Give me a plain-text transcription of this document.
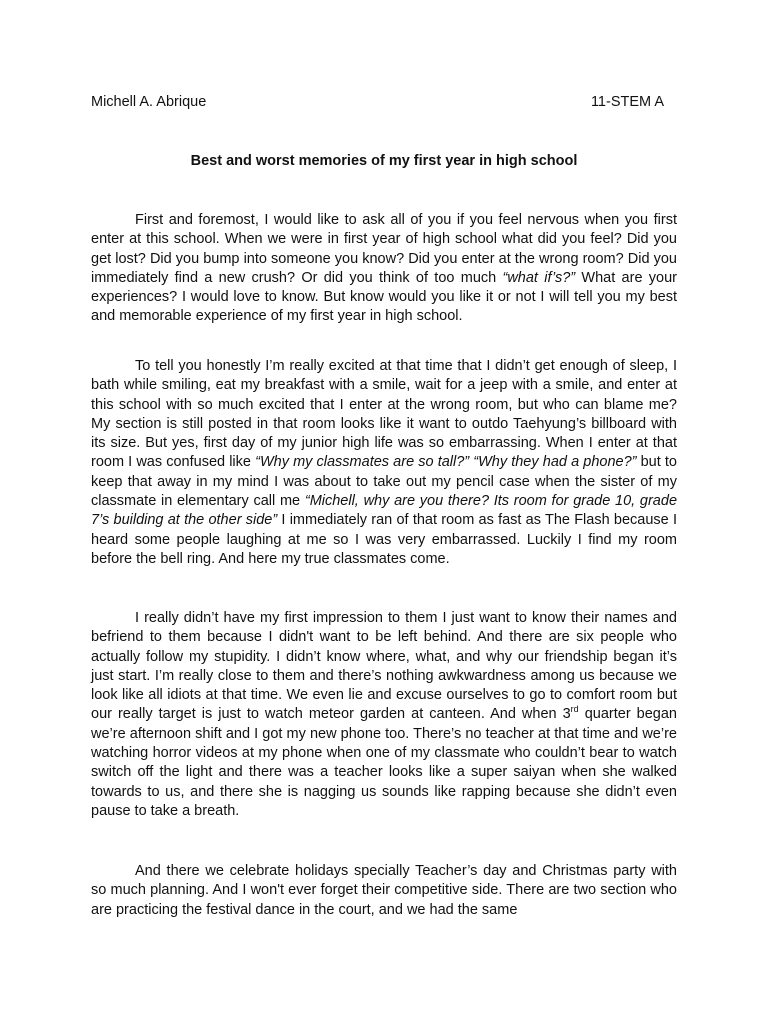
Michell A. Abrique	11-STEM A
Best and worst memories of my first year in high school

First and foremost, I would like to ask all of you if you feel nervous when you first enter at this school. When we were in first year of high school what did you feel? Did you get lost? Did you bump into someone you know? Did you enter at the wrong room? Did you immediately find a new crush? Or did you think of too much “what if’s?” What are your experiences? I would love to know. But know would you like it or not I will tell you my best and memorable experience of my first year in high school.

To tell you honestly I’m really excited at that time that I didn’t get enough of sleep, I bath while smiling, eat my breakfast with a smile, wait for a jeep with a smile, and enter at this school with so much excited that I enter at the wrong room, but who can blame me? My section is still posted in that room looks like it want to outdo Taehyung’s billboard with its size. But yes, first day of my junior high life was so embarrassing. When I enter at that room I was confused like “Why my classmates are so tall?” “Why they had a phone?” but to keep that away in my mind I was about to take out my pencil case when the sister of my classmate in elementary call me “Michell, why are you there? Its room for grade 10, grade 7’s building at the other side” I immediately ran of that room as fast as The Flash because I heard some people laughing at me so I was very embarrassed. Luckily I find my room before the bell ring. And here my true classmates come.

I really didn’t have my first impression to them I just want to know their names and befriend to them because I didn't want to be left behind. And there are six people who actually follow my stupidity. I didn’t know where, what, and why our friendship began it’s just start. I’m really close to them and there’s nothing awkwardness among us because we look like all idiots at that time. We even lie and excuse ourselves to go to comfort room but our really target is just to watch meteor garden at canteen. And when 3rd quarter began we’re afternoon shift and I got my new phone too. There’s no teacher at that time and we’re watching horror videos at my phone when one of my classmate who couldn’t bear to watch switch off the light and there was a teacher looks like a super saiyan when she walked towards to us, and there she is nagging us sounds like rapping because she didn’t even pause to take a breath.

And there we celebrate holidays specially Teacher’s day and Christmas party with so much planning. And I won't ever forget their competitive side. There are two section who are practicing the festival dance in the court, and we had the same
